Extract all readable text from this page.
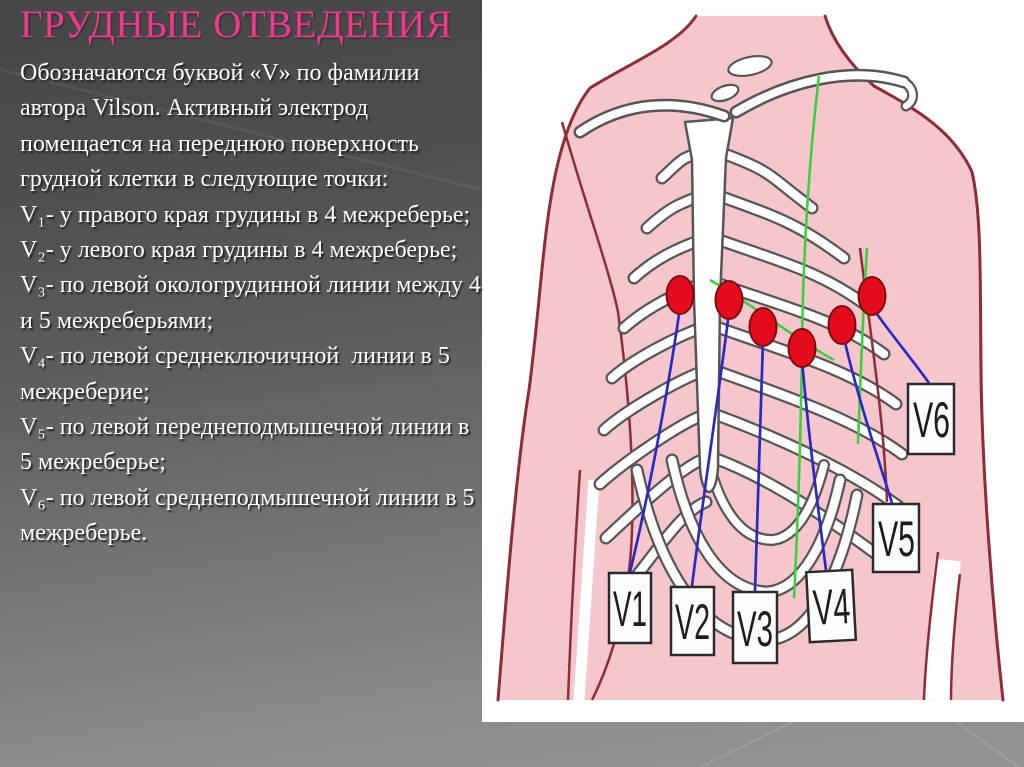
V1 V2 V3 V4
V5
V6
ГРУДНЫЕ ОТВЕДЕНИЯ
Обозначаются буквой «V» по фамилии
автора Vilson. Активный электрод
помещается на переднюю поверхность
грудной клетки в следующие точки:
V₁- у правого края грудины в 4 межреберье;
V₂- у левого края грудины в 4 межреберье;
V₃- по левой окологрудинной линии между 4
и 5 межреберьями;
V₄- по левой среднеключичной  линии в 5
межреберие;
V₅- по левой переднеподмышечной линии в
5 межреберье;
V₆- по левой среднеподмышечной линии в 5
межреберье.
